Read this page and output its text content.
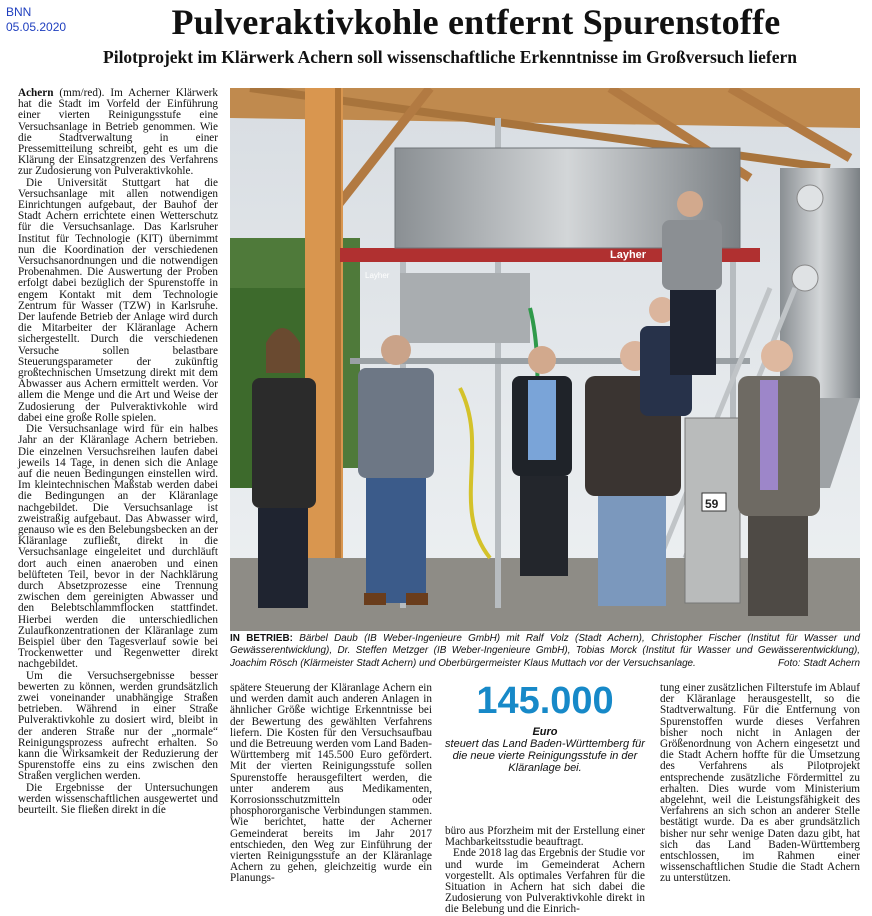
BNN
05.05.2020	Pulveraktivkohle entfernt Spurenstoffe
Pilotprojekt im Klärwerk Achern soll wissenschaftliche Erkenntnisse im Großversuch liefern

Achern (mm/red). Im Acherner Klärwerk hat die Stadt im Vorfeld der Einführung einer vierten Reinigungsstufe eine Versuchsanlage in Betrieb genommen. Wie die Stadtverwaltung in einer Pressemitteilung schreibt, geht es um die Klärung der Einsatzgrenzen des Verfahrens zur Zudosierung von Pulveraktivkohle.

Die Universität Stuttgart hat die Versuchsanlage mit allen notwendigen Einrichtungen aufgebaut, der Bauhof der Stadt Achern errichtete einen Wetterschutz für die Versuchsanlage. Das Karlsruher Institut für Technologie (KIT) übernimmt nun die Koordination der verschiedenen Versuchsanordnungen und die notwendigen Probenahmen. Die Auswertung der Proben erfolgt dabei bezüglich der Spurenstoffe in engem Kontakt mit dem Technologie Zentrum für Wasser (TZW) in Karlsruhe. Der laufende Betrieb der Anlage wird durch die Mitarbeiter der Kläranlage Achern sichergestellt. Durch die verschiedenen Versuche sollen belastbare Steuerungsparameter der zukünftig großtechnischen Umsetzung direkt mit dem Abwasser aus Achern ermittelt werden. Vor allem die Menge und die Art und Weise der Zudosierung der Pulveraktivkohle wird dabei eine große Rolle spielen.

Die Versuchsanlage wird für ein halbes Jahr an der Kläranlage Achern betrieben. Die einzelnen Versuchsreihen laufen dabei jeweils 14 Tage, in denen sich die Anlage auf die neuen Bedingungen einstellen wird. Im kleintechnischen Maßstab werden dabei die Bedingungen an der Kläranlage nachgebildet. Die Versuchsanlage ist zweistraßig aufgebaut. Das Abwasser wird, genauso wie es den Belebungsbecken an der Kläranlage zufließt, direkt in die Versuchsanlage eingeleitet und durchläuft dort auch einen anaeroben und einen belüfteten Teil, bevor in der Nachklärung durch Absetzprozesse eine Trennung zwischen dem gereinigten Abwasser und den Belebtschlammflocken stattfindet. Hierbei werden die unterschiedlichen Zulaufkonzentrationen der Kläranlage zum Beispiel über den Tagesverlauf sowie bei Trockenwetter und Regenwetter direkt nachgebildet.

Um die Versuchsergebnisse besser bewerten zu können, werden grundsätzlich zwei voneinander unabhängige Straßen betrieben. Während in einer Straße Pulveraktivkohle zu dosiert wird, bleibt in der anderen Straße nur der „normale“ Reinigungsprozess aufrecht erhalten. So kann die Wirksamkeit der Reduzierung der Spurenstoffe eins zu eins zwischen den Straßen verglichen werden.

Die Ergebnisse der Untersuchungen werden wissenschaftlichen ausgewertet und beurteilt. Sie fließen direkt in die

Layher
Layher
59
IN BETRIEB: Bärbel Daub (IB Weber-Ingenieure GmbH) mit Ralf Volz (Stadt Achern), Christopher Fischer (Institut für Wasser und Gewässerentwicklung), Dr. Steffen Metzger (IB Weber-Ingenieure GmbH), Tobias Morck (Institut für Wasser und Gewässerentwicklung), Joachim Rösch (Klärmeister Stadt Achern) und Oberbürgermeister Klaus Muttach vor der Versuchsanlage.	Foto: Stadt Achern

spätere Steuerung der Kläranlage Achern ein und werden damit auch anderen Anlagen in ähnlicher Größe wichtige Erkenntnisse bei der Bewertung des gewählten Verfahrens liefern. Die Kosten für den Versuchsaufbau und die Betreuung werden vom Land Baden-Württemberg mit 145.500 Euro gefördert. Mit der vierten Reinigungsstufe sollen Spurenstoffe herausgefiltert werden, die unter anderem aus Medikamenten, Korrosionsschutzmitteln oder phosphororganische Verbindungen stammen. Wie berichtet, hatte der Acherner Gemeinderat bereits im Jahr 2017 entschieden, den Weg zur Einführung der vierten Reinigungsstufe an der Kläranlage Achern zu gehen, gleichzeitig wurde ein Planungs-

145.000
Euro
steuert das Land Baden-Württemberg für die neue vierte Reinigungsstufe in der Kläranlage bei.

büro aus Pforzheim mit der Erstellung einer Machbarkeitsstudie beauftragt.

Ende 2018 lag das Ergebnis der Studie vor und wurde im Gemeinderat Achern vorgestellt. Als optimales Verfahren für die Situation in Achern hat sich dabei die Zudosierung von Pulveraktivkohle direkt in die Belebung und die Einrich-

tung einer zusätzlichen Filterstufe im Ablauf der Kläranlage herausgestellt, so die Stadtverwaltung. Für die Entfernung von Spurenstoffen wurde dieses Verfahren bisher noch nicht in Anlagen der Größenordnung von Achern eingesetzt und die Stadt Achern hoffte für die Umsetzung des Verfahrens als Pilotprojekt entsprechende zusätzliche Fördermittel zu erhalten. Dies wurde vom Ministerium abgelehnt, weil die Leistungsfähigkeit des Verfahrens an sich schon an anderer Stelle bestätigt wurde. Da es aber grundsätzlich bisher nur sehr wenige Daten dazu gibt, hat sich das Land Baden-Württemberg entschlossen, im Rahmen einer wissenschaftlichen Studie die Stadt Achern zu unterstützen.
